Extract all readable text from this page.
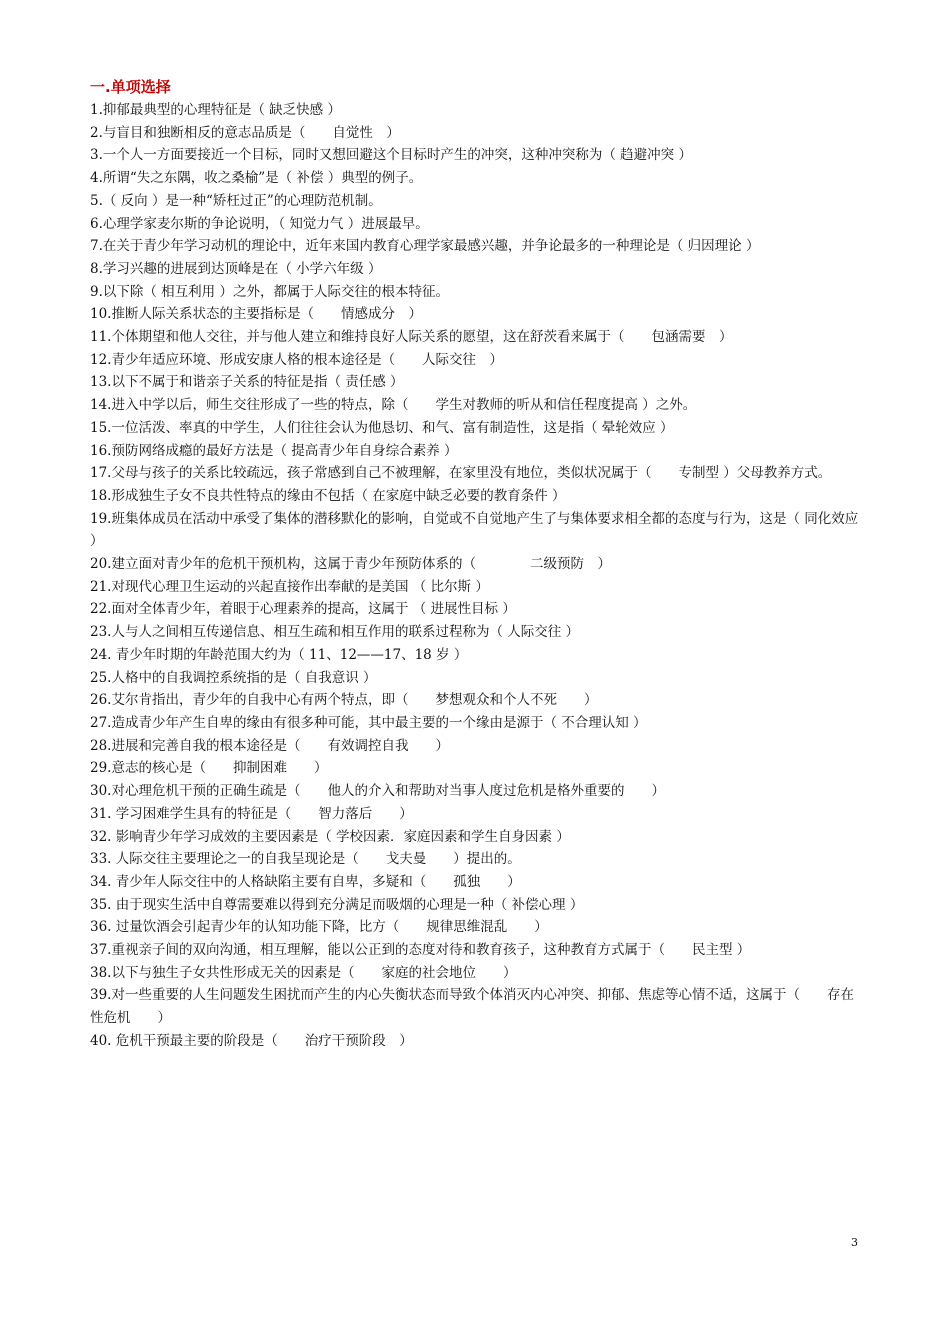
一.单项选择
1.抑郁最典型的心理特征是（ 缺乏快感 ）
2.与盲目和独断相反的意志品质是（　　自觉性　）
3.一个人一方面要接近一个目标，同时又想回避这个目标时产生的冲突，这种冲突称为（ 趋避冲突 ）
4.所谓“失之东隅，收之桑榆”是（ 补偿 ）典型的例子。
5.（ 反向 ）是一种“矫枉过正”的心理防范机制。
6.心理学家麦尔斯的争论说明，（ 知觉力气 ）进展最早。
7.在关于青少年学习动机的理论中，近年来国内教育心理学家最感兴趣，并争论最多的一种理论是（ 归因理论 ）
8.学习兴趣的进展到达顶峰是在（ 小学六年级 ）
9.以下除（ 相互利用 ）之外，都属于人际交往的根本特征。
10.推断人际关系状态的主要指标是（　　情感成分　）
11.个体期望和他人交往，并与他人建立和维持良好人际关系的愿望，这在舒茨看来属于（　　包涵需要　）
12.青少年适应环境、形成安康人格的根本途径是（　　人际交往　）
13.以下不属于和谐亲子关系的特征是指（ 责任感 ）
14.进入中学以后，师生交往形成了一些的特点，除（　　学生对教师的听从和信任程度提高 ）之外。
15.一位活泼、率真的中学生，人们往往会认为他恳切、和气、富有制造性，这是指（ 晕轮效应 ）
16.预防网络成瘾的最好方法是（ 提高青少年自身综合素养 ）
17.父母与孩子的关系比较疏远，孩子常感到自己不被理解，在家里没有地位，类似状况属于（　　专制型 ）父母教养方式。
18.形成独生子女不良共性特点的缘由不包括（ 在家庭中缺乏必要的教育条件 ）
19.班集体成员在活动中承受了集体的潜移默化的影响，自觉或不自觉地产生了与集体要求相全都的态度与行为，这是（ 同化效应 ）
20.建立面对青少年的危机干预机构，这属于青少年预防体系的（　　　　二级预防　）
21.对现代心理卫生运动的兴起直接作出奉献的是美国 （ 比尔斯 ）
22.面对全体青少年，着眼于心理素养的提高，这属于 （ 进展性目标 ）
23.人与人之间相互传递信息、相互生疏和相互作用的联系过程称为（ 人际交往 ）
24. 青少年时期的年龄范围大约为（ 11、12——17、18 岁 ）
25.人格中的自我调控系统指的是（ 自我意识 ）
26.艾尔肯指出，青少年的自我中心有两个特点，即（　　梦想观众和个人不死　　）
27.造成青少年产生自卑的缘由有很多种可能，其中最主要的一个缘由是源于（ 不合理认知 ）
28.进展和完善自我的根本途径是（　　有效调控自我　　）
29.意志的核心是（　　抑制困难　　）
30.对心理危机干预的正确生疏是（　　他人的介入和帮助对当事人度过危机是格外重要的　　）
31. 学习困难学生具有的特征是（　　智力落后　　）
32. 影响青少年学习成效的主要因素是（ 学校因素．家庭因素和学生自身因素 ）
33. 人际交往主要理论之一的自我呈现论是（　　戈夫曼　　）提出的。
34. 青少年人际交往中的人格缺陷主要有自卑，多疑和（　　孤独　　）
35. 由于现实生活中自尊需要难以得到充分满足而吸烟的心理是一种（ 补偿心理 ）
36. 过量饮酒会引起青少年的认知功能下降，比方（　　规律思维混乱　　）
37.重视亲子间的双向沟通，相互理解，能以公正到的态度对待和教育孩子，这种教育方式属于（　　民主型 ）
38.以下与独生子女共性形成无关的因素是（　　家庭的社会地位　　）
39.对一些重要的人生问题发生困扰而产生的内心失衡状态而导致个体消灭内心冲突、抑郁、焦虑等心情不适，这属于（　　存在性危机　　）
40. 危机干预最主要的阶段是（　　治疗干预阶段　）
3
